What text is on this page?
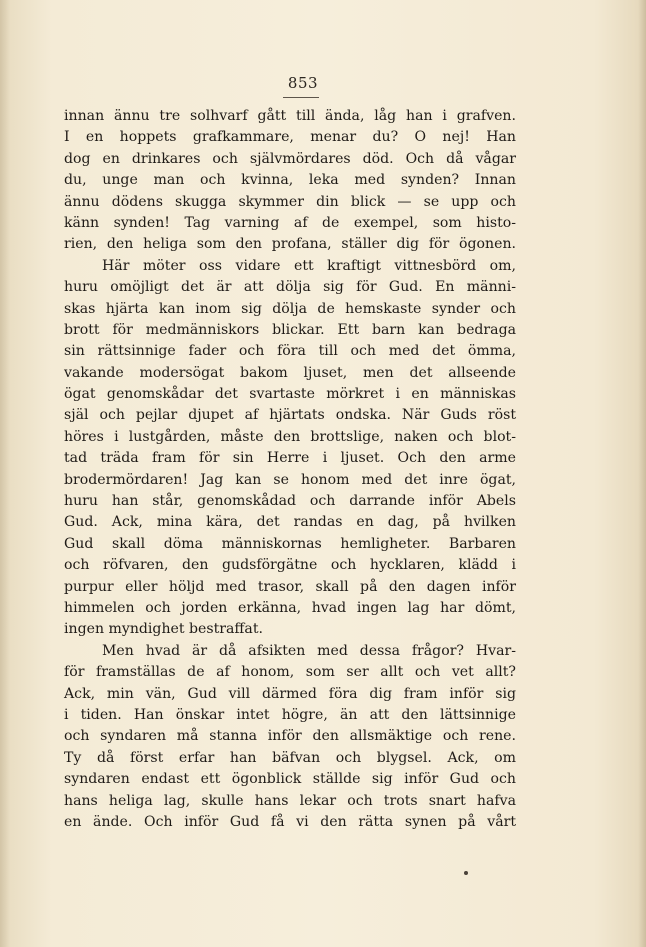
853
innan ännu tre solhvarf gått till ända, låg han i grafven.
I en hoppets grafkammare, menar du? O nej! Han
dog en drinkares och självmördares död. Och då vågar
du, unge man och kvinna, leka med synden? Innan
ännu dödens skugga skymmer din blick — se upp och
känn synden! Tag varning af de exempel, som histo-
rien, den heliga som den profana, ställer dig för ögonen.
Här möter oss vidare ett kraftigt vittnesbörd om,
huru omöjligt det är att dölja sig för Gud. En männi-
skas hjärta kan inom sig dölja de hemskaste synder och
brott för medmänniskors blickar. Ett barn kan bedraga
sin rättsinnige fader och föra till och med det ömma,
vakande modersögat bakom ljuset, men det allseende
ögat genomskådar det svartaste mörkret i en människas
själ och pejlar djupet af hjärtats ondska. När Guds röst
höres i lustgården, måste den brottslige, naken och blot-
tad träda fram för sin Herre i ljuset. Och den arme
brodermördaren! Jag kan se honom med det inre ögat,
huru han står, genomskådad och darrande inför Abels
Gud. Ack, mina kära, det randas en dag, på hvilken
Gud skall döma människornas hemligheter. Barbaren
och röfvaren, den gudsförgätne och hycklaren, klädd i
purpur eller höljd med trasor, skall på den dagen inför
himmelen och jorden erkänna, hvad ingen lag har dömt,
ingen myndighet bestraffat.
Men hvad är då afsikten med dessa frågor? Hvar-
för framställas de af honom, som ser allt och vet allt?
Ack, min vän, Gud vill därmed föra dig fram inför sig
i tiden. Han önskar intet högre, än att den lättsinnige
och syndaren må stanna inför den allsmäktige och rene.
Ty då först erfar han bäfvan och blygsel. Ack, om
syndaren endast ett ögonblick ställde sig inför Gud och
hans heliga lag, skulle hans lekar och trots snart hafva
en ände. Och inför Gud få vi den rätta synen på vårt
